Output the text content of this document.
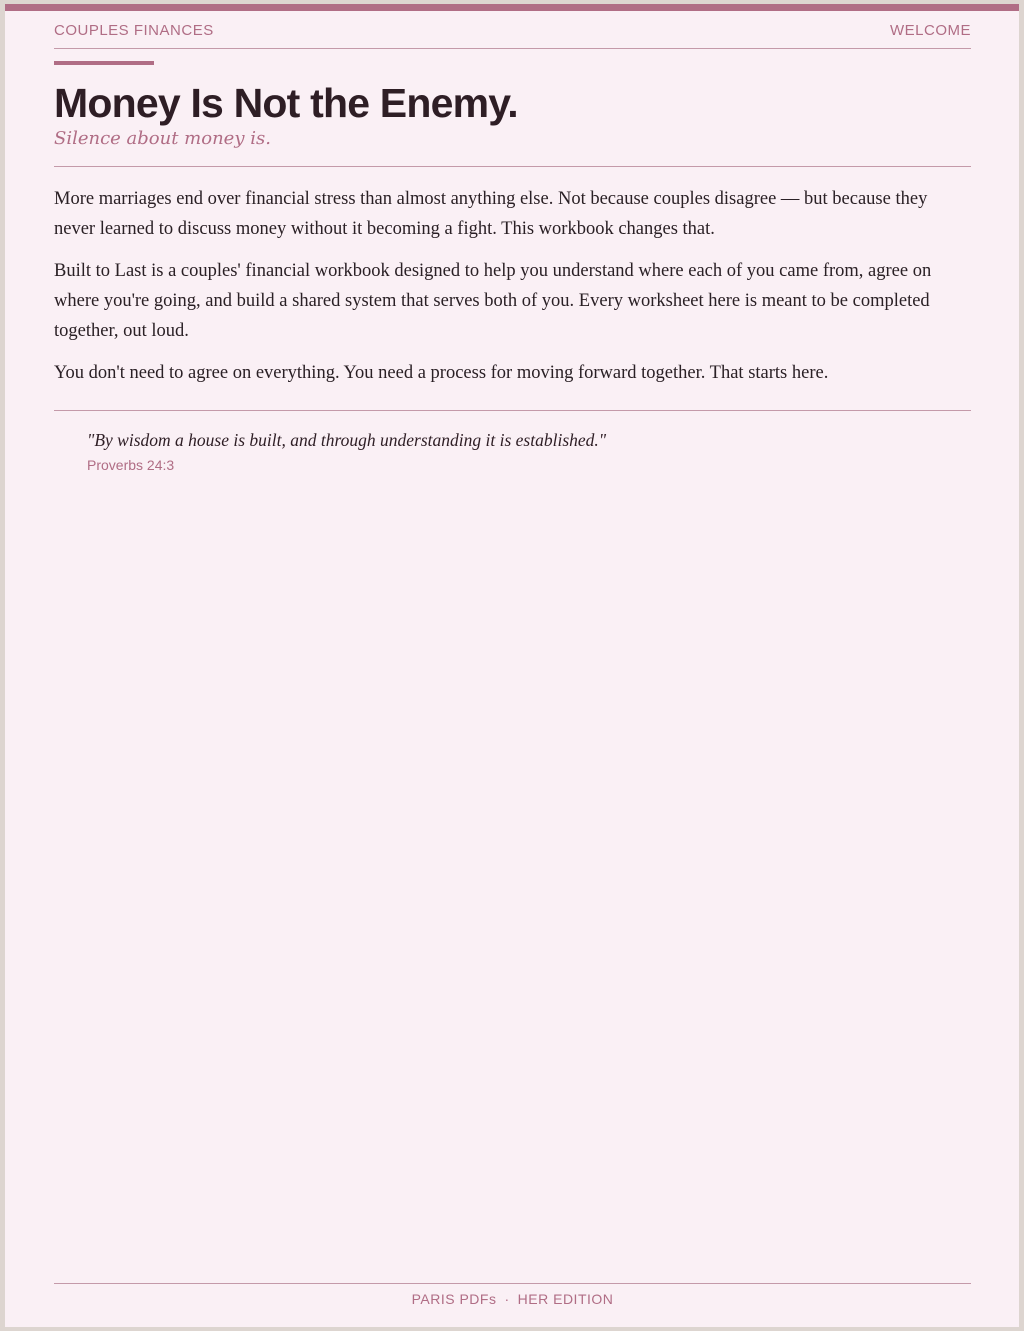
COUPLES FINANCES	WELCOME
Money Is Not the Enemy.
Silence about money is.

More marriages end over financial stress than almost anything else. Not because couples disagree — but because they never learned to discuss money without it becoming a fight. This workbook changes that.

Built to Last is a couples' financial workbook designed to help you understand where each of you came from, agree on where you're going, and build a shared system that serves both of you. Every worksheet here is meant to be completed together, out loud.

You don't need to agree on everything. You need a process for moving forward together. That starts here.

"By wisdom a house is built, and through understanding it is established."
Proverbs 24:3
PARIS PDFs · HER EDITION
